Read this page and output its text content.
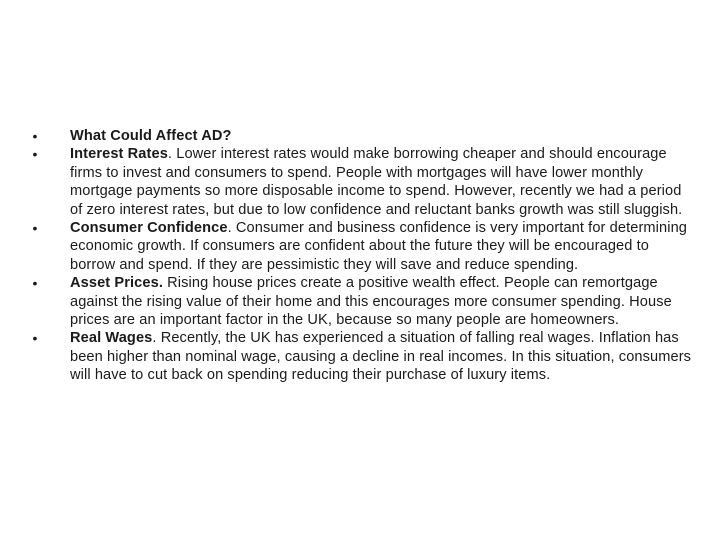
• What Could Affect AD?
• Interest Rates. Lower interest rates would make borrowing cheaper and should encourage firms to invest and consumers to spend. People with mortgages will have lower monthly mortgage payments so more disposable income to spend. However, recently we had a period of zero interest rates, but due to low confidence and reluctant banks growth was still sluggish.
• Consumer Confidence. Consumer and business confidence is very important for determining economic growth. If consumers are confident about the future they will be encouraged to borrow and spend. If they are pessimistic they will save and reduce spending.
• Asset Prices. Rising house prices create a positive wealth effect. People can remortgage against the rising value of their home and this encourages more consumer spending. House prices are an important factor in the UK, because so many people are homeowners.
• Real Wages. Recently, the UK has experienced a situation of falling real wages. Inflation has been higher than nominal wage, causing a decline in real incomes. In this situation, consumers will have to cut back on spending reducing their purchase of luxury items.
